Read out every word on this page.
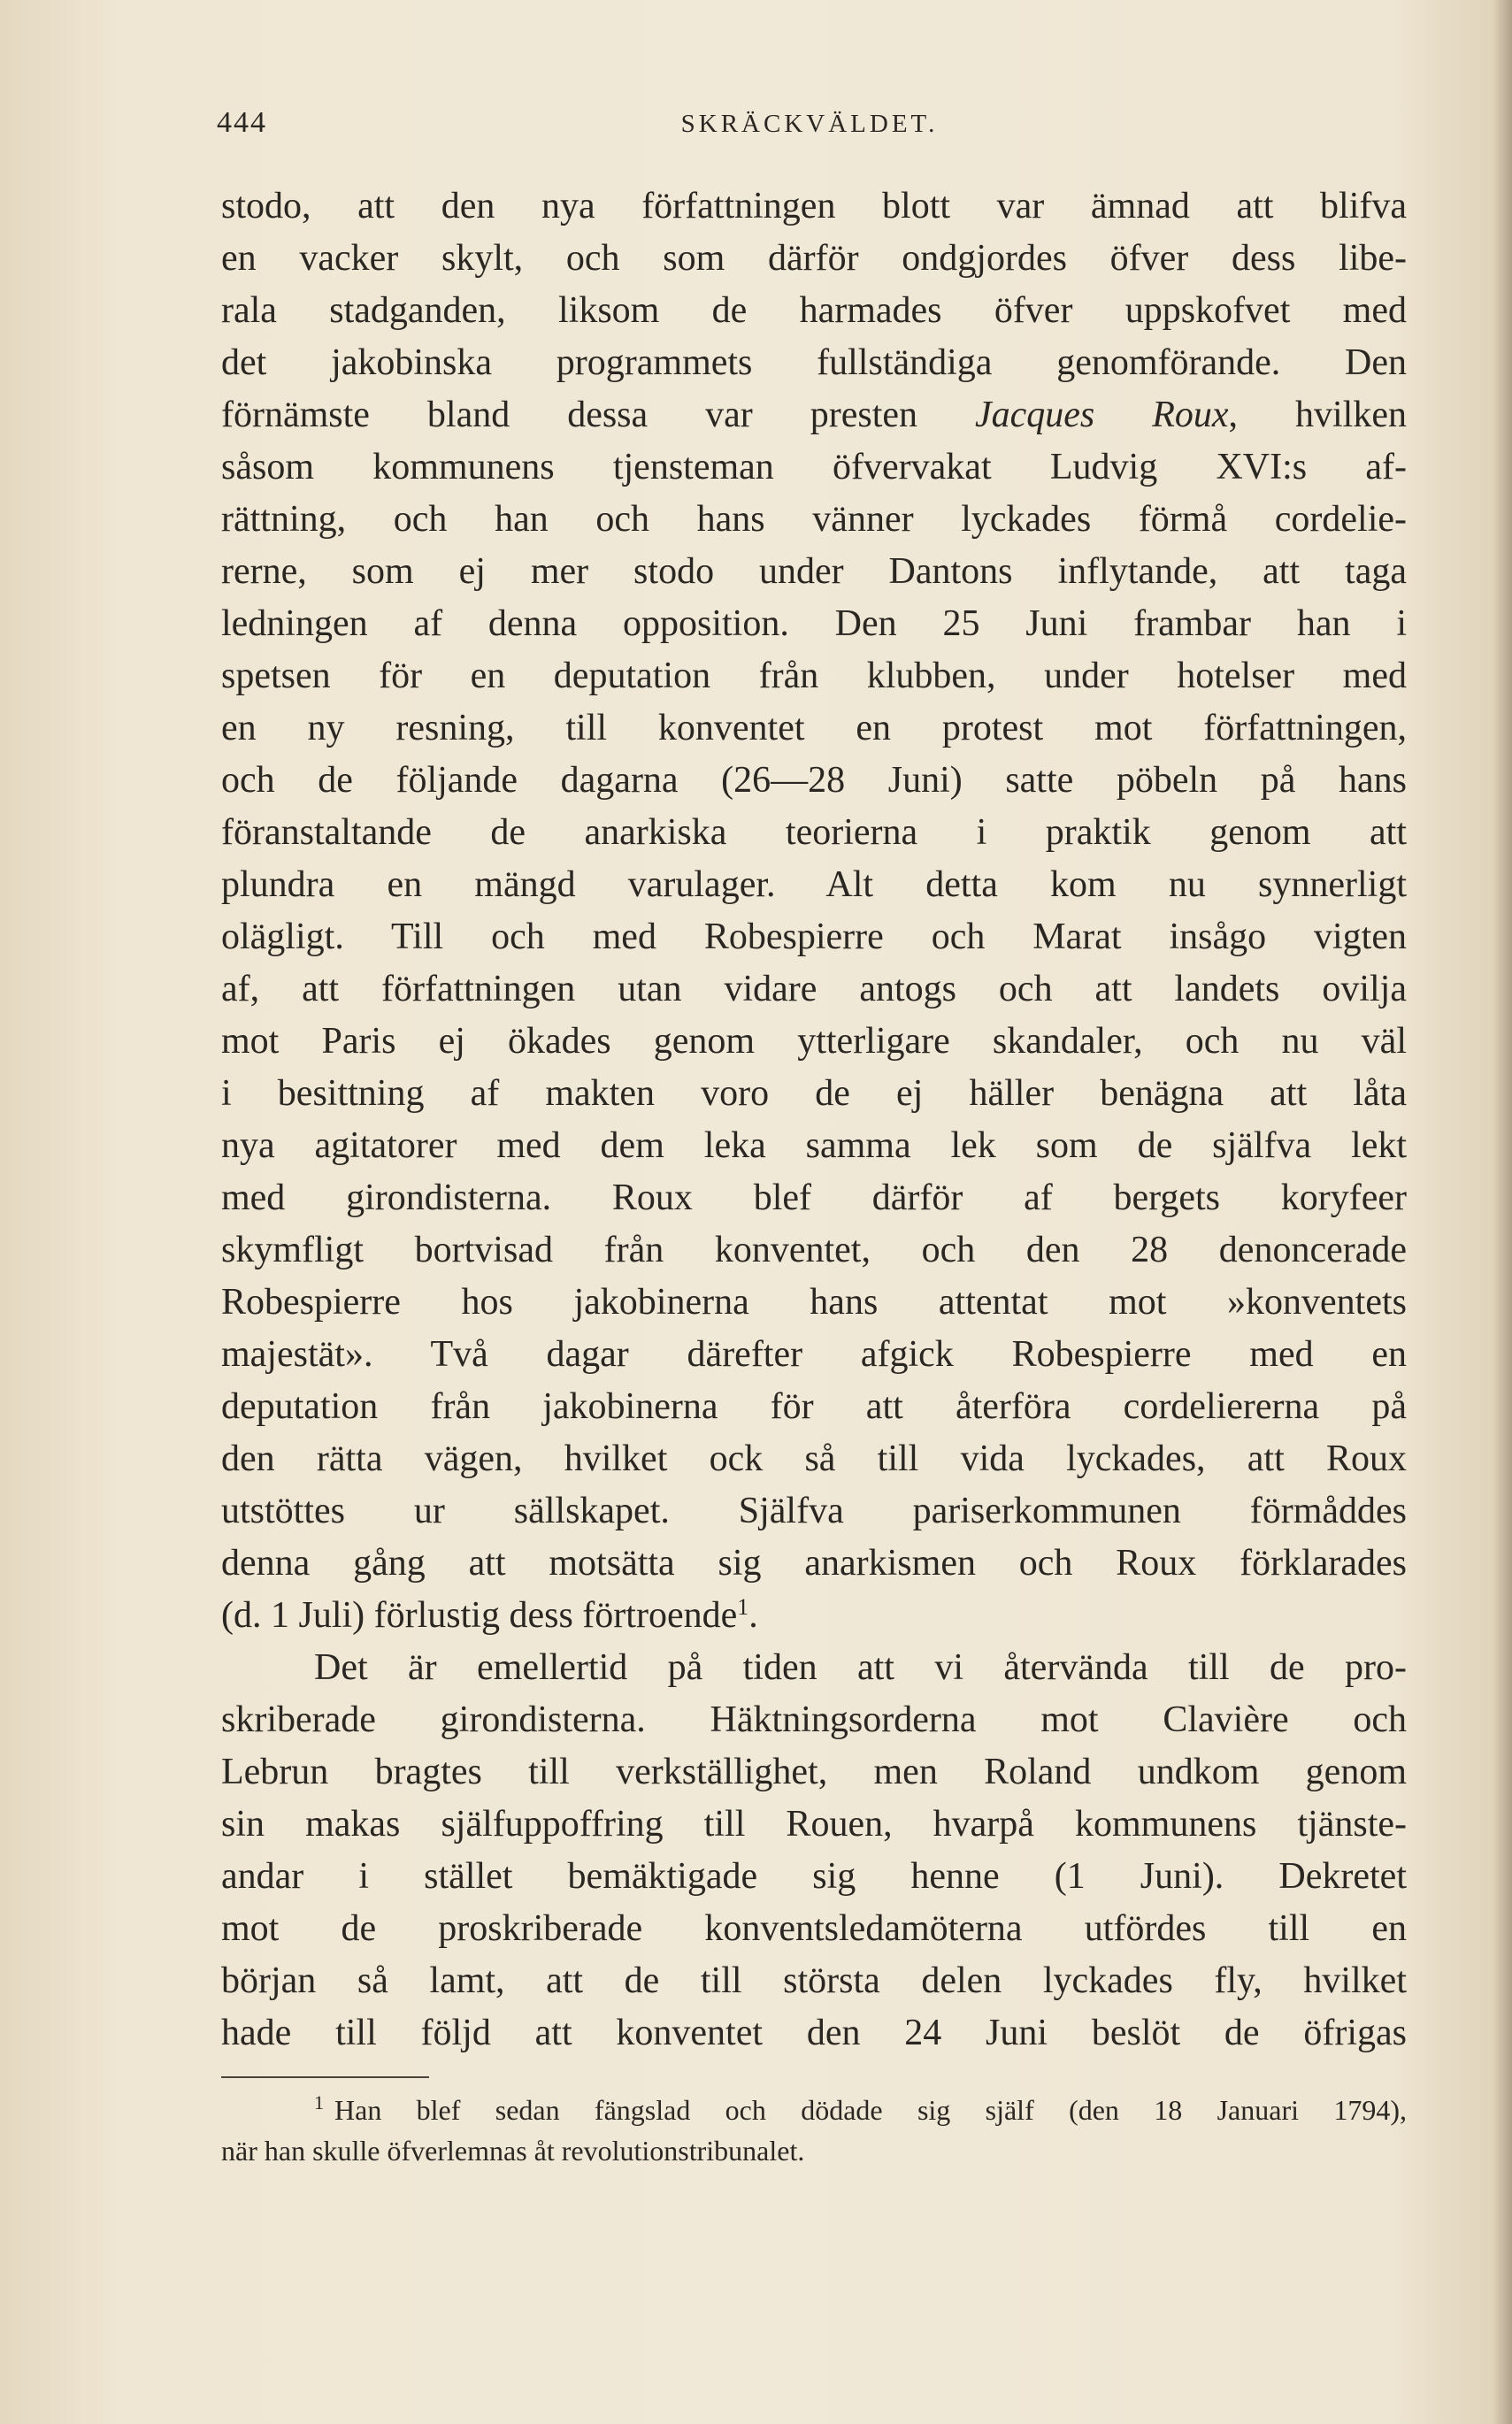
444	SKRÄCKVÄLDET.
stodo, att den nya författningen blott var ämnad att blifva
en vacker skylt, och som därför ondgjordes öfver dess libe-
rala stadganden, liksom de harmades öfver uppskofvet med
det jakobinska programmets fullständiga genomförande. Den
förnämste bland dessa var presten Jacques Roux, hvilken
såsom kommunens tjensteman öfvervakat Ludvig XVI:s af-
rättning, och han och hans vänner lyckades förmå cordelie-
rerne, som ej mer stodo under Dantons inflytande, att taga
ledningen af denna opposition. Den 25 Juni frambar han i
spetsen för en deputation från klubben, under hotelser med
en ny resning, till konventet en protest mot författningen,
och de följande dagarna (26—28 Juni) satte pöbeln på hans
föranstaltande de anarkiska teorierna i praktik genom att
plundra en mängd varulager. Alt detta kom nu synnerligt
olägligt. Till och med Robespierre och Marat insågo vigten
af, att författningen utan vidare antogs och att landets ovilja
mot Paris ej ökades genom ytterligare skandaler, och nu väl
i besittning af makten voro de ej häller benägna att låta
nya agitatorer med dem leka samma lek som de själfva lekt
med girondisterna. Roux blef därför af bergets koryfeer
skymfligt bortvisad från konventet, och den 28 denoncerade
Robespierre hos jakobinerna hans attentat mot »konventets
majestät». Två dagar därefter afgick Robespierre med en
deputation från jakobinerna för att återföra cordeliererna på
den rätta vägen, hvilket ock så till vida lyckades, att Roux
utstöttes ur sällskapet. Själfva pariserkommunen förmåddes
denna gång att motsätta sig anarkismen och Roux förklarades
(d. 1 Juli) förlustig dess förtroende$^1$.
Det är emellertid på tiden att vi återvända till de pro-
skriberade girondisterna. Häktningsorderna mot Clavière och
Lebrun bragtes till verkställighet, men Roland undkom genom
sin makas själfuppoffring till Rouen, hvarpå kommunens tjänste-
andar i stället bemäktigade sig henne (1 Juni). Dekretet
mot de proskriberade konventsledamöterna utfördes till en
början så lamt, att de till största delen lyckades fly, hvilket
hade till följd att konventet den 24 Juni beslöt de öfrigas
$^1$ Han blef sedan fängslad och dödade sig själf (den 18 Januari 1794),
när han skulle öfverlemnas åt revolutionstribunalet.
